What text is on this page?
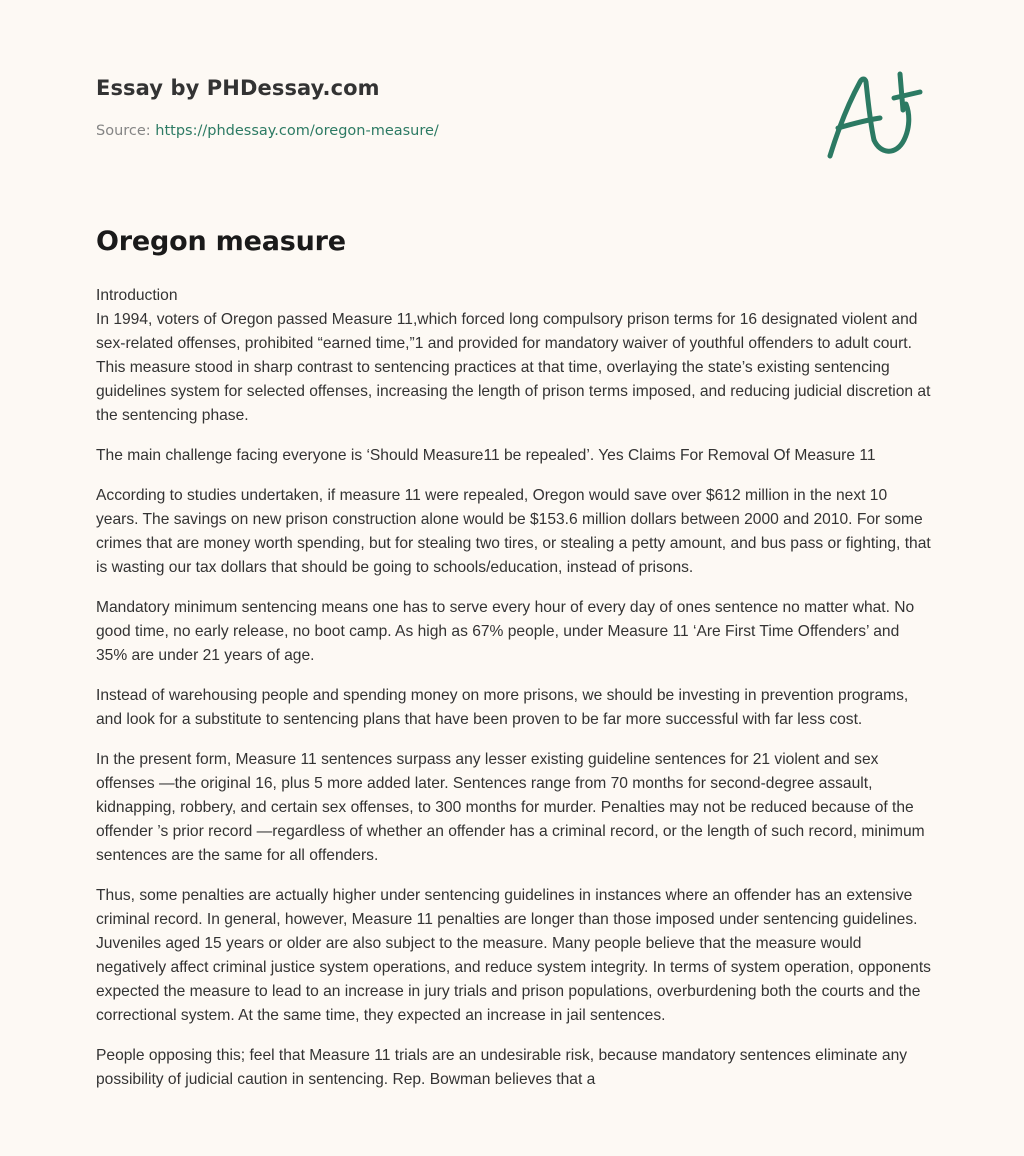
Essay by PHDessay.com

Source: https://phdessay.com/oregon-measure/

Oregon measure

Introduction

In 1994, voters of Oregon passed Measure 11,which forced long compulsory prison terms for 16 designated violent and sex-related offenses, prohibited “earned time,”1 and provided for mandatory waiver of youthful offenders to adult court. This measure stood in sharp contrast to sentencing practices at that time, overlaying the state’s existing sentencing guidelines system for selected offenses, increasing the length of prison terms imposed, and reducing judicial discretion at the sentencing phase.

The main challenge facing everyone is ‘Should Measure11 be repealed’. Yes Claims For Removal Of Measure 11

According to studies undertaken, if measure 11 were repealed, Oregon would save over $612 million in the next 10 years. The savings on new prison construction alone would be $153.6 million dollars between 2000 and 2010. For some crimes that are money worth spending, but for stealing two tires, or stealing a petty amount, and bus pass or fighting, that is wasting our tax dollars that should be going to schools/education, instead of prisons.

Mandatory minimum sentencing means one has to serve every hour of every day of ones sentence no matter what. No good time, no early release, no boot camp. As high as 67% people, under Measure 11 ‘Are First Time Offenders’ and 35% are under 21 years of age.

Instead of warehousing people and spending money on more prisons, we should be investing in prevention programs, and look for a substitute to sentencing plans that have been proven to be far more successful with far less cost.

In the present form, Measure 11 sentences surpass any lesser existing guideline sentences for 21 violent and sex offenses —the original 16, plus 5 more added later. Sentences range from 70 months for second-degree assault, kidnapping, robbery, and certain sex offenses, to 300 months for murder. Penalties may not be reduced because of the offender ’s prior record —regardless of whether an offender has a criminal record, or the length of such record, minimum sentences are the same for all offenders.

Thus, some penalties are actually higher under sentencing guidelines in instances where an offender has an extensive criminal record. In general, however, Measure 11 penalties are longer than those imposed under sentencing guidelines. Juveniles aged 15 years or older are also subject to the measure. Many people believe that the measure would negatively affect criminal justice system operations, and reduce system integrity. In terms of system operation, opponents expected the measure to lead to an increase in jury trials and prison populations, overburdening both the courts and the correctional system. At the same time, they expected an increase in jail sentences.

People opposing this; feel that Measure 11 trials are an undesirable risk, because mandatory sentences eliminate any possibility of judicial caution in sentencing. Rep. Bowman believes that a
